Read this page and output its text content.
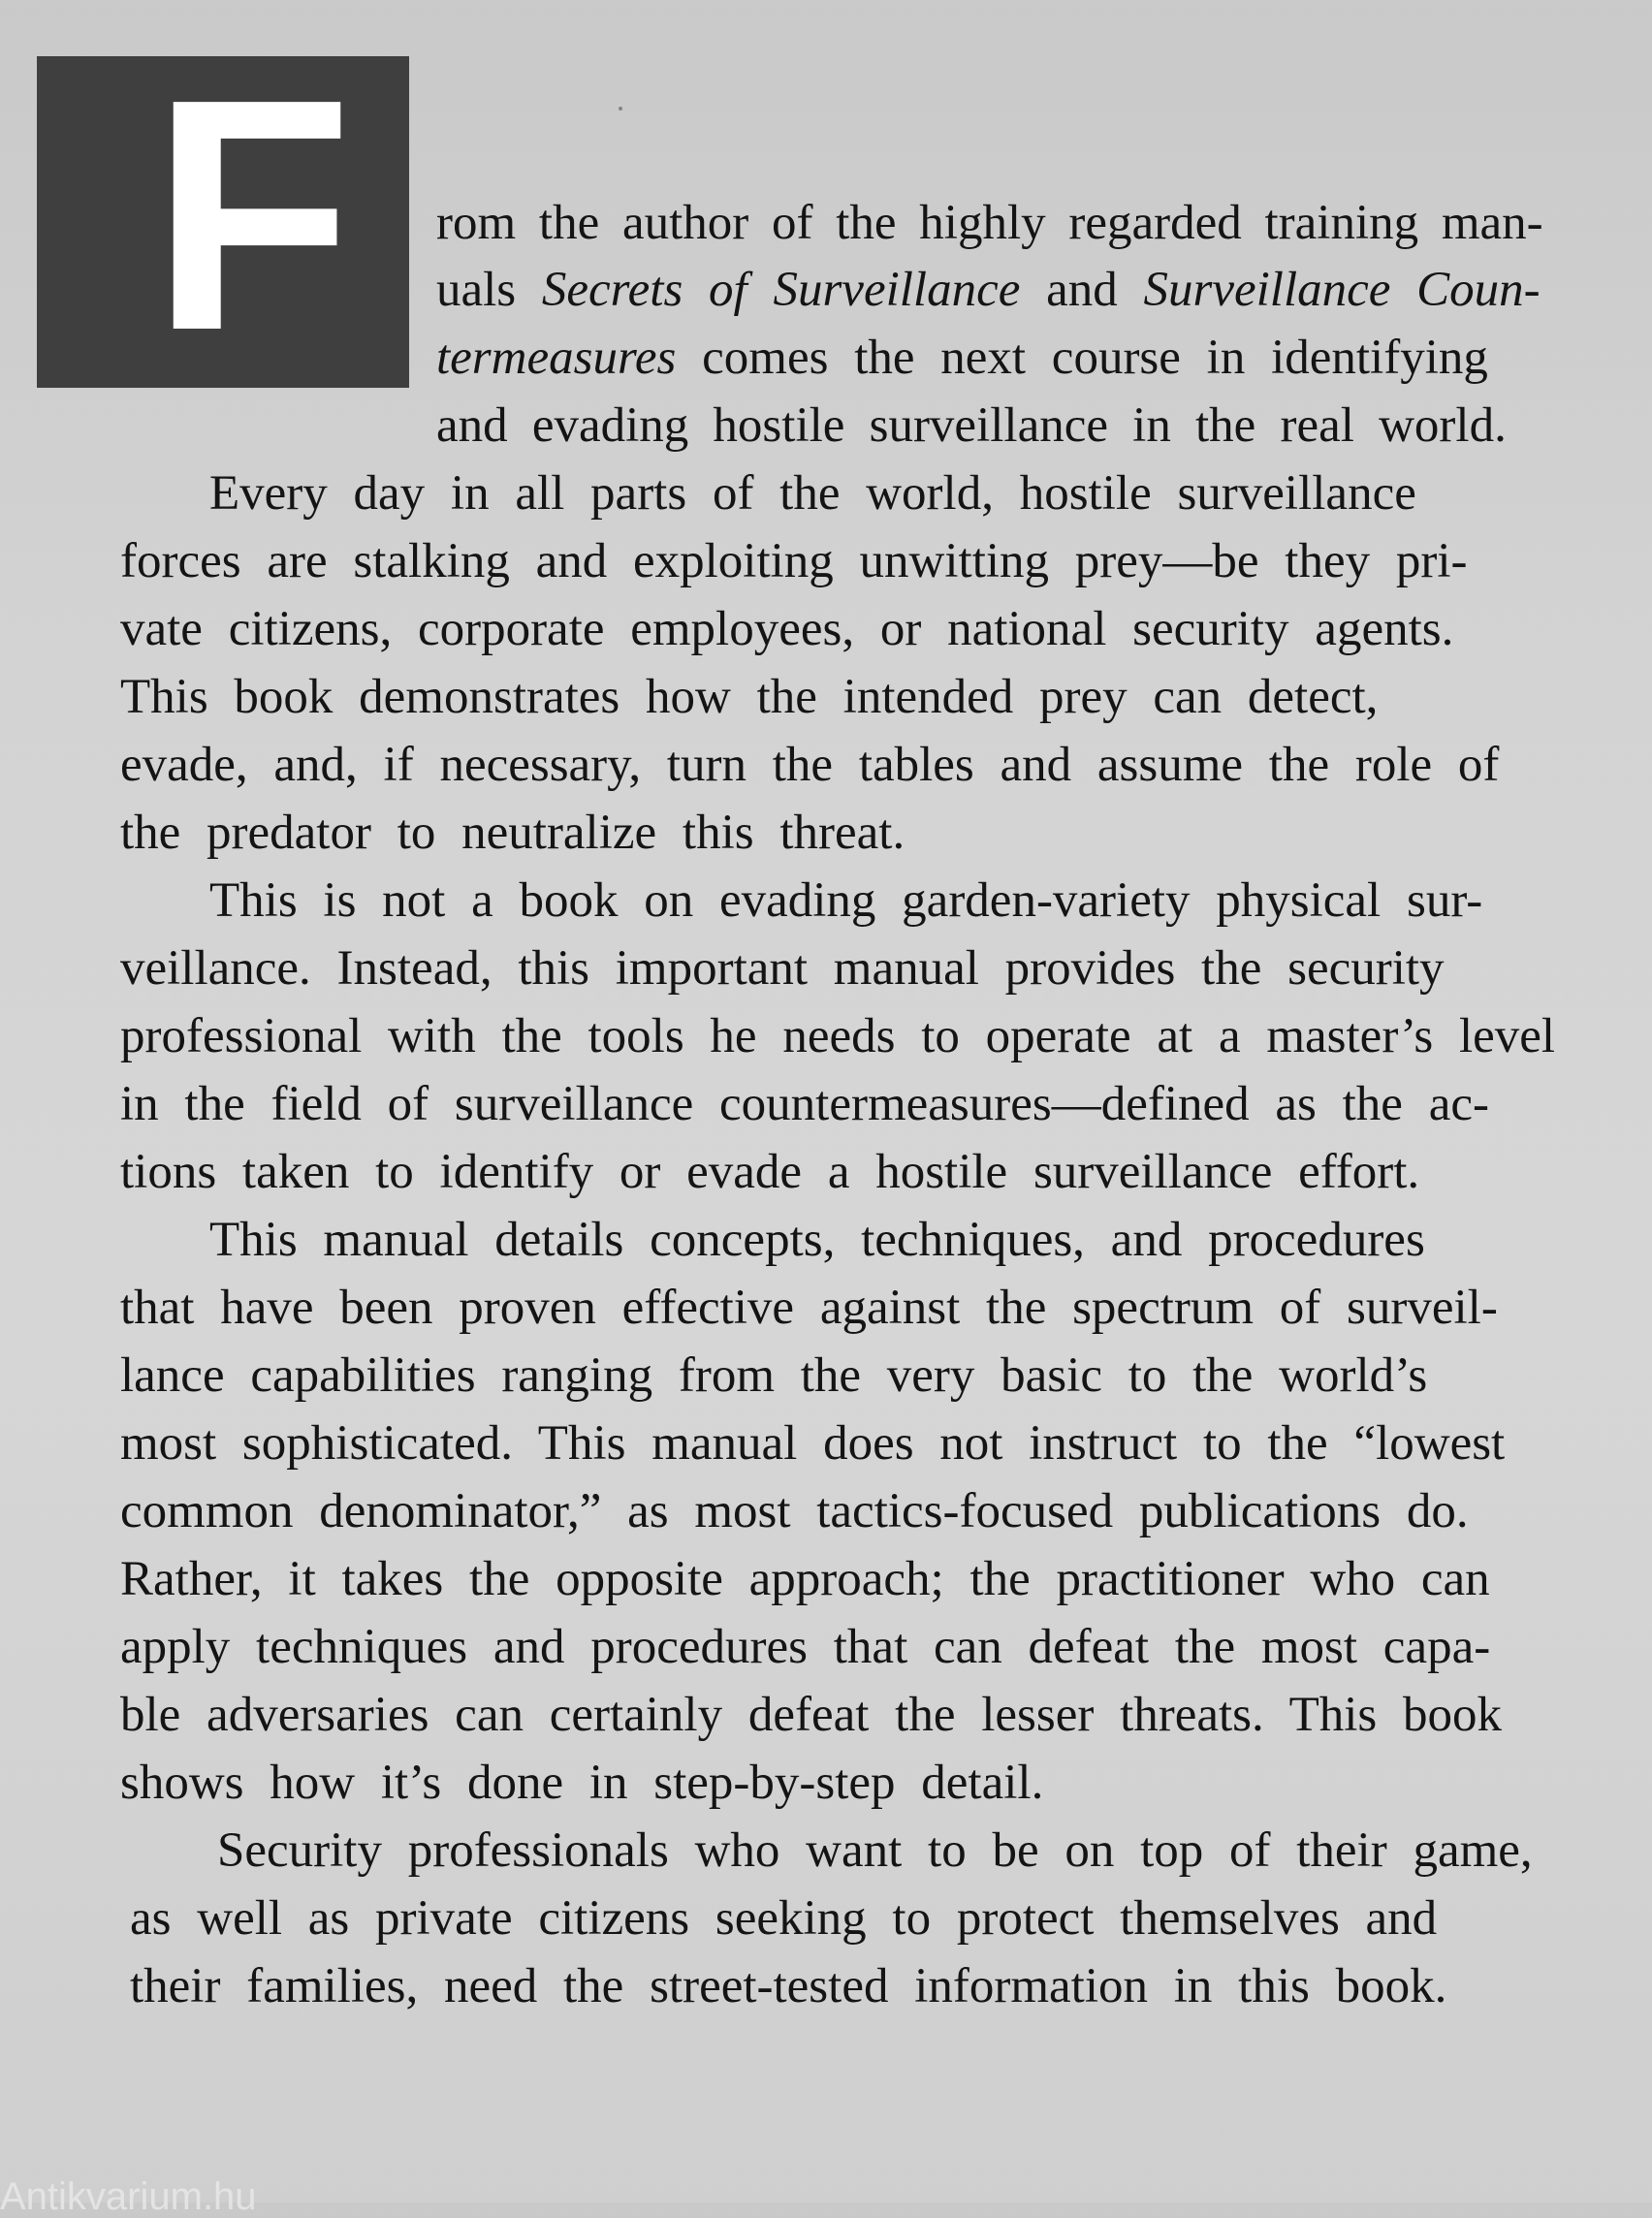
F rom the author of the highly regarded training man-
uals Secrets of Surveillance and Surveillance Coun-
termeasures comes the next course in identifying
and evading hostile surveillance in the real world.
Every day in all parts of the world, hostile surveillance
forces are stalking and exploiting unwitting prey—be they pri-
vate citizens, corporate employees, or national security agents.
This book demonstrates how the intended prey can detect,
evade, and, if necessary, turn the tables and assume the role of
the predator to neutralize this threat.
This is not a book on evading garden-variety physical sur-
veillance. Instead, this important manual provides the security
professional with the tools he needs to operate at a master’s level
in the field of surveillance countermeasures—defined as the ac-
tions taken to identify or evade a hostile surveillance effort.
This manual details concepts, techniques, and procedures
that have been proven effective against the spectrum of surveil-
lance capabilities ranging from the very basic to the world’s
most sophisticated. This manual does not instruct to the “lowest
common denominator,” as most tactics-focused publications do.
Rather, it takes the opposite approach; the practitioner who can
apply techniques and procedures that can defeat the most capa-
ble adversaries can certainly defeat the lesser threats. This book
shows how it’s done in step-by-step detail.
Security professionals who want to be on top of their game,
as well as private citizens seeking to protect themselves and
their families, need the street-tested information in this book.
Antikvarium.hu
